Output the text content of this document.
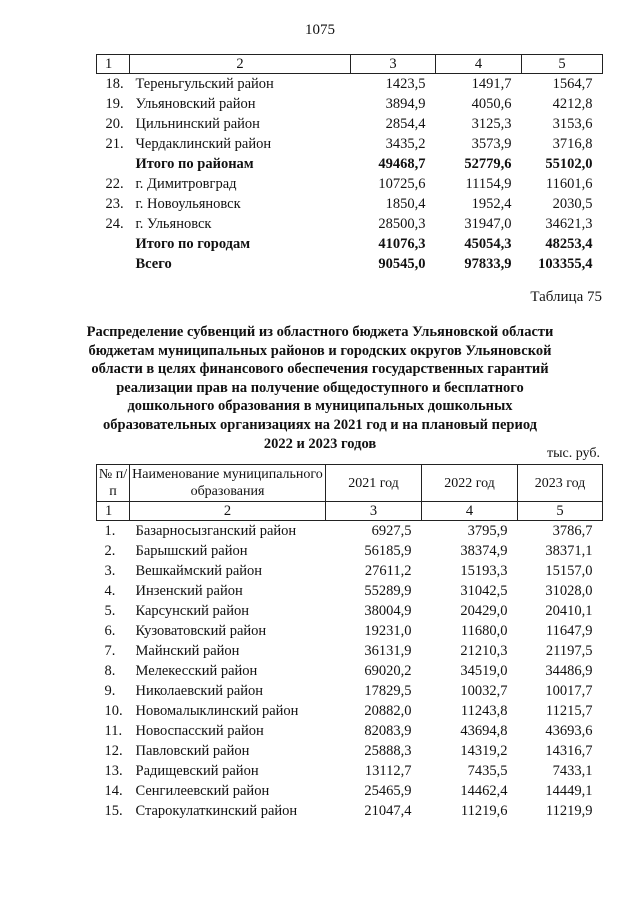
1075
1	2	3	4	5
18.	Тереньгульский район	1423,5	1491,7	1564,7
19.	Ульяновский район	3894,9	4050,6	4212,8
20.	Цильнинский район	2854,4	3125,3	3153,6
21.	Чердаклинский район	3435,2	3573,9	3716,8
	Итого по районам	49468,7	52779,6	55102,0
22.	г. Димитровград	10725,6	11154,9	11601,6
23.	г. Новоульяновск	1850,4	1952,4	2030,5
24.	г. Ульяновск	28500,3	31947,0	34621,3
	Итого по городам	41076,3	45054,3	48253,4
	Всего	90545,0	97833,9	103355,4
Таблица 75
Распределение субвенций из областного бюджета Ульяновской области
бюджетам муниципальных районов и городских округов Ульяновской
области в целях финансового обеспечения государственных гарантий
реализации прав на получение общедоступного и бесплатного
дошкольного образования в муниципальных дошкольных
образовательных организациях на 2021 год и на плановый период
2022 и 2023 годов
тыс. руб.
№ п/п	Наименование муниципального образования	2021 год	2022 год	2023 год
1	2	3	4	5
1.	Базарносызганский район	6927,5	3795,9	3786,7
2.	Барышский район	56185,9	38374,9	38371,1
3.	Вешкаймский район	27611,2	15193,3	15157,0
4.	Инзенский район	55289,9	31042,5	31028,0
5.	Карсунский район	38004,9	20429,0	20410,1
6.	Кузоватовский район	19231,0	11680,0	11647,9
7.	Майнский район	36131,9	21210,3	21197,5
8.	Мелекесский район	69020,2	34519,0	34486,9
9.	Николаевский район	17829,5	10032,7	10017,7
10.	Новомалыклинский район	20882,0	11243,8	11215,7
11.	Новоспасский район	82083,9	43694,8	43693,6
12.	Павловский район	25888,3	14319,2	14316,7
13.	Радищевский район	13112,7	7435,5	7433,1
14.	Сенгилеевский район	25465,9	14462,4	14449,1
15.	Старокулаткинский район	21047,4	11219,6	11219,9
